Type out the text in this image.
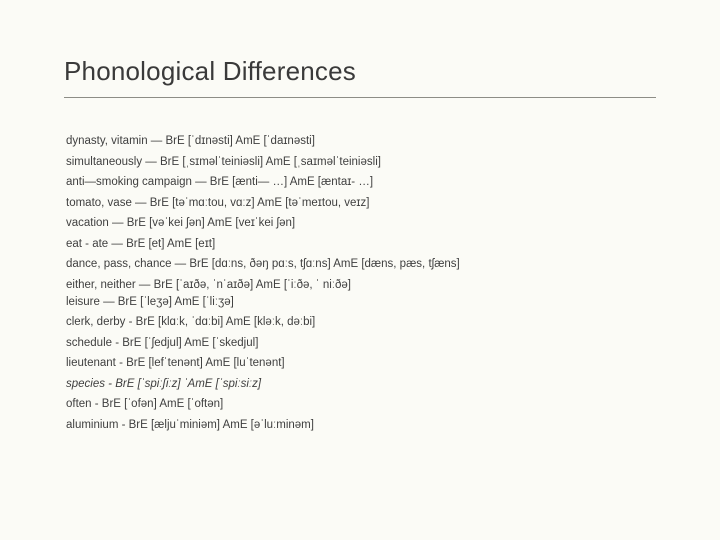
Phonological Differences
dynasty, vitamin — BrE [ˈdɪnəsti] AmE [ˈdaɪnəsti]
simultaneously — BrE [ˌsɪməlˈteiniəsli] AmE [ˌsaɪməlˈteiniəsli]
anti—smoking campaign — BrE [ænti— …] AmE [æntaɪ- …]
tomato, vase — BrE [təˈmɑːtou, vɑːz] AmE [təˈmeɪtou, veɪz]
vacation — BrE [vəˈkei ʃən] AmE [veɪˈkei ʃən]
eat - ate — BrE [et] AmE [eɪt]
dance, pass, chance — BrE [dɑːns, ðəŋ pɑːs, tʃɑːns] AmE [dæns, pæs, tʃæns]
either, neither — BrE [ˈaɪðə, ˈnˈaɪðə] AmE [ˈiːðə, ˈ niːðə]
leisure — BrE [ˈleʒə] AmE [ˈliːʒə]
clerk, derby - BrE [klɑːk, ˈdɑːbi] AmE [kləːk, dəːbi]
schedule - BrE [ˈʃedjul] AmE [ˈskedjul]
lieutenant - BrE [lefˈtenənt] AmE [luˈtenənt]
species - BrE [ˈspiːʃiːz] ˈAmE [ˈspiːsiːz]
often - BrE [ˈofən] AmE [ˈoftən]
aluminium - BrE [æljuˈminiəm] AmE [əˈluːminəm]
